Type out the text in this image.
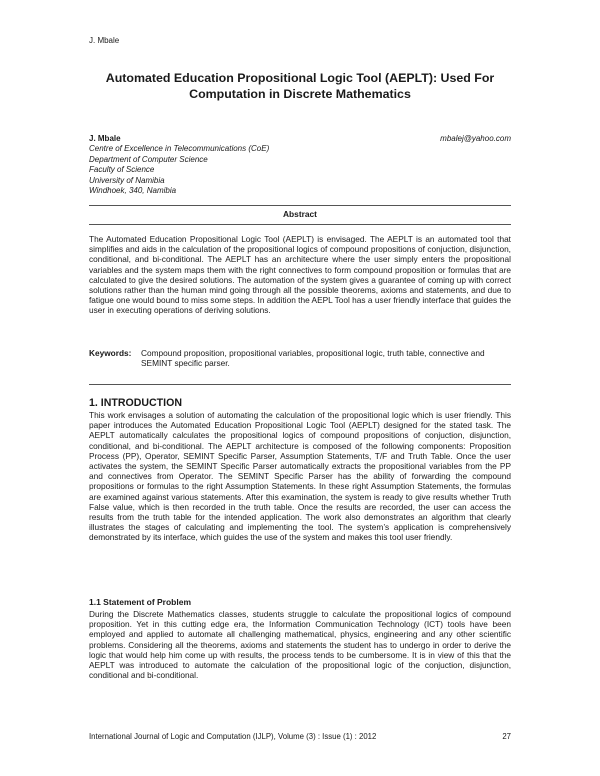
J. Mbale
Automated Education Propositional Logic Tool (AEPLT): Used For Computation in Discrete Mathematics
J. Mbale	mbalej@yahoo.com
Centre of Excellence in Telecommunications (CoE)
Department of Computer Science
Faculty of Science
University of Namibia
Windhoek, 340, Namibia
Abstract

The Automated Education Propositional Logic Tool (AEPLT) is envisaged. The AEPLT is an automated tool that simplifies and aids in the calculation of the propositional logics of compound propositions of conjuction, disjunction, conditional, and bi-conditional. The AEPLT has an architecture where the user simply enters the propositional variables and the system maps them with the right connectives to form compound proposition or formulas that are calculated to give the desired solutions. The automation of the system gives a guarantee of coming up with correct solutions rather than the human mind going through all the possible theorems, axioms and statements, and due to fatigue one would bound to miss some steps. In addition the AEPL Tool has a user friendly interface that guides the user in executing operations of deriving solutions.

Keywords:	Compound proposition, propositional variables, propositional logic, truth table, connective and SEMINT specific parser.
1. INTRODUCTION

This work envisages a solution of automating the calculation of the propositional logic which is user friendly. This paper introduces the Automated Education Propositional Logic Tool (AEPLT) designed for the stated task. The AEPLT automatically calculates the propositional logics of compound propositions of conjuction, disjunction, conditional, and bi-conditional. The AEPLT architecture is composed of the following components: Proposition Process (PP), Operator, SEMINT Specific Parser, Assumption Statements, T/F and Truth Table. Once the user activates the system, the SEMINT Specific Parser automatically extracts the propositional variables from the PP and connectives from Operator. The SEMINT Specific Parser has the ability of forwarding the compound propositions or formulas to the right Assumption Statements. In these right Assumption Statements, the formulas are examined against various statements. After this examination, the system is ready to give results whether Truth False value, which is then recorded in the truth table. Once the results are recorded, the user can access the results from the truth table for the intended application. The work also demonstrates an algorithm that clearly illustrates the stages of calculating and implementing the tool. The system’s application is comprehensively demonstrated by its interface, which guides the use of the system and makes this tool user friendly.

1.1 Statement of Problem

During the Discrete Mathematics classes, students struggle to calculate the propositional logics of compound proposition. Yet in this cutting edge era, the Information Communication Technology (ICT) tools have been employed and applied to automate all challenging mathematical, physics, engineering and any other scientific problems. Considering all the theorems, axioms and statements the student has to undergo in order to derive the logic that would help him come up with results, the process tends to be cumbersome. It is in view of this that the AEPLT was introduced to automate the calculation of the propositional logic of the conjuction, disjunction, conditional and bi-conditional.

International Journal of Logic and Computation (IJLP), Volume (3) : Issue (1) : 2012	27
